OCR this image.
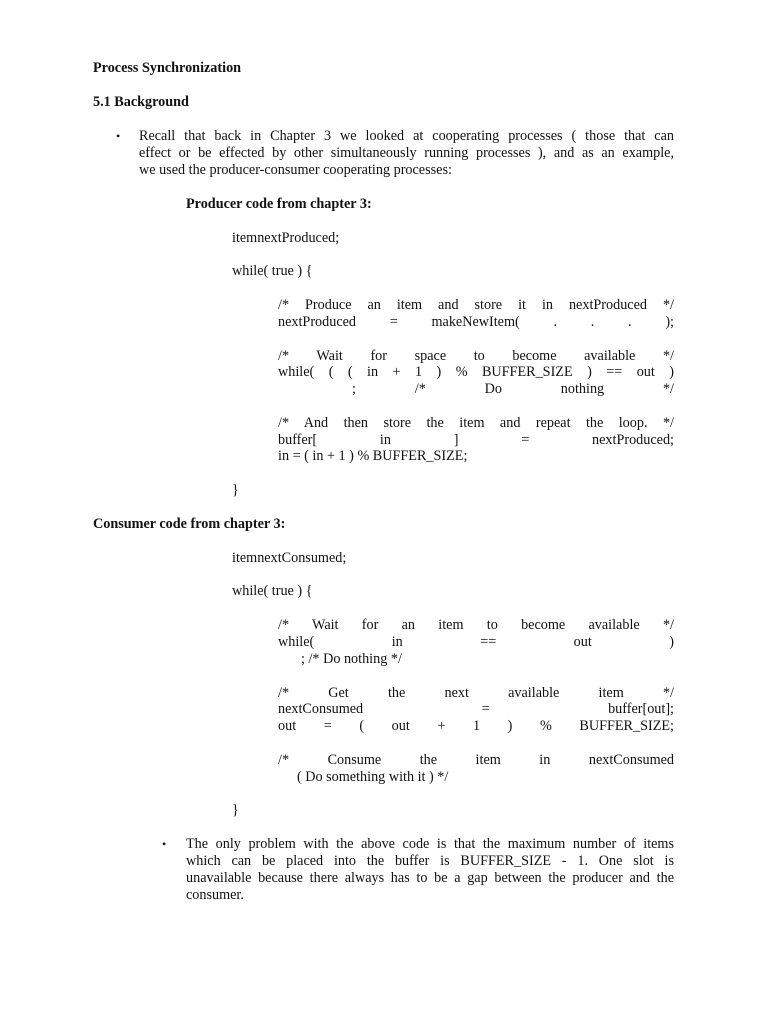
Process Synchronization
5.1 Background
• Recall that back in Chapter 3 we looked at cooperating processes ( those that can
effect or be effected by other simultaneously running processes ), and as an example,
we used the producer-consumer cooperating processes:
Producer code from chapter 3:
itemnextProduced;
while( true ) {
/* Produce an item and store it in nextProduced */
nextProduced = makeNewItem( . . . );
/* Wait for space to become available */
while( ( ( in + 1 ) % BUFFER_SIZE ) == out )
; /* Do nothing */
/* And then store the item and repeat the loop. */
buffer[ in ] = nextProduced;
in = ( in + 1 ) % BUFFER_SIZE;
}
Consumer code from chapter 3:
itemnextConsumed;
while( true ) {
/* Wait for an item to become available */
while( in == out )
; /* Do nothing */
/* Get the next available item */
nextConsumed = buffer[out];
out = ( out + 1 ) % BUFFER_SIZE;
/* Consume the item in nextConsumed
( Do something with it ) */
}
• The only problem with the above code is that the maximum number of items
which can be placed into the buffer is BUFFER_SIZE - 1. One slot is
unavailable because there always has to be a gap between the producer and the
consumer.
